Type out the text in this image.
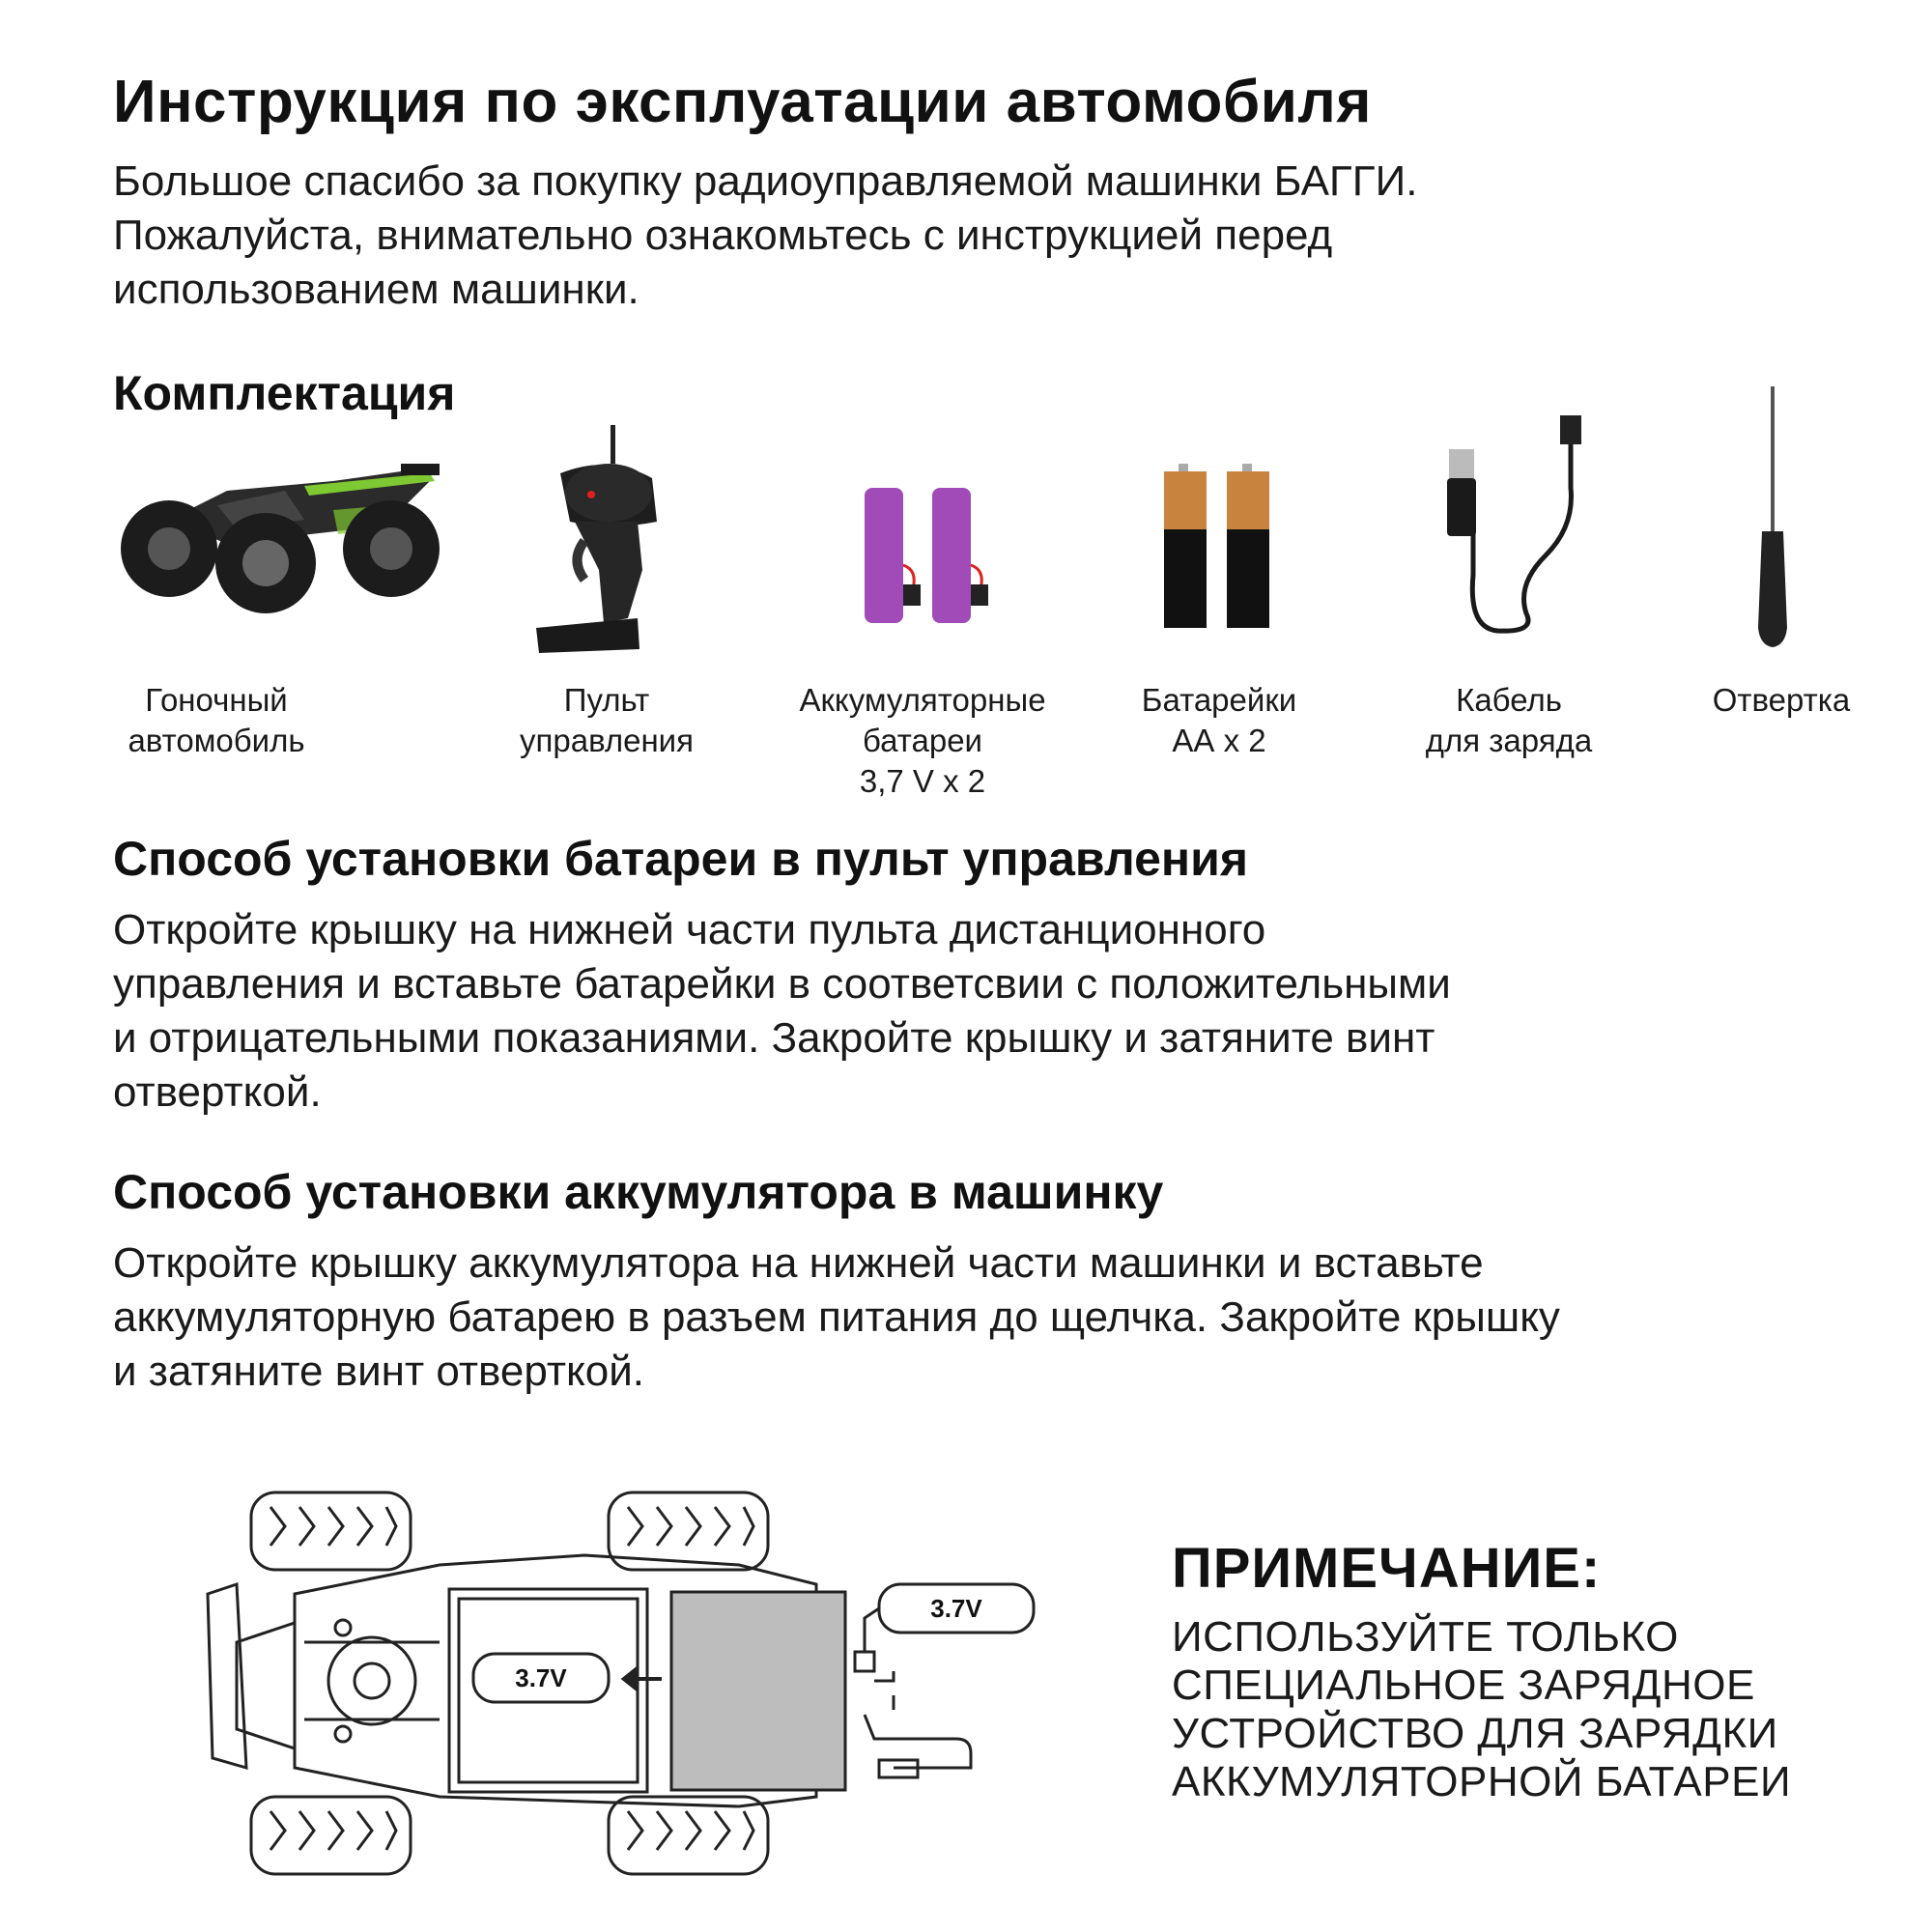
Инструкция по эксплуатации автомобиля

Большое спасибо за покупку радиоуправляемой машинки БАГГИ.
Пожалуйста, внимательно ознакомьтесь с инструкцией перед
использованием машинки.

Комплектация
Гоночный
автомобиль
Пульт
управления
Аккумуляторные
батареи
3,7 V x 2
Батарейки
АА x 2
Кабель
для заряда
Отвертка
Способ установки батареи в пульт управления

Откройте крышку на нижней части пульта дистанционного
управления и вставьте батарейки в соответсвии с положительными
и отрицательными показаниями. Закройте крышку и затяните винт
отверткой.

Способ установки аккумулятора в машинку

Откройте крышку аккумулятора на нижней части машинки и вставьте
аккумуляторную батарею в разъем питания до щелчка. Закройте крышку
и затяните винт отверткой.

3.7V
3.7V
ПРИМЕЧАНИЕ:

ИСПОЛЬЗУЙТЕ ТОЛЬКО
СПЕЦИАЛЬНОЕ ЗАРЯДНОЕ
УСТРОЙСТВО ДЛЯ ЗАРЯДКИ
АККУМУЛЯТОРНОЙ БАТАРЕИ
